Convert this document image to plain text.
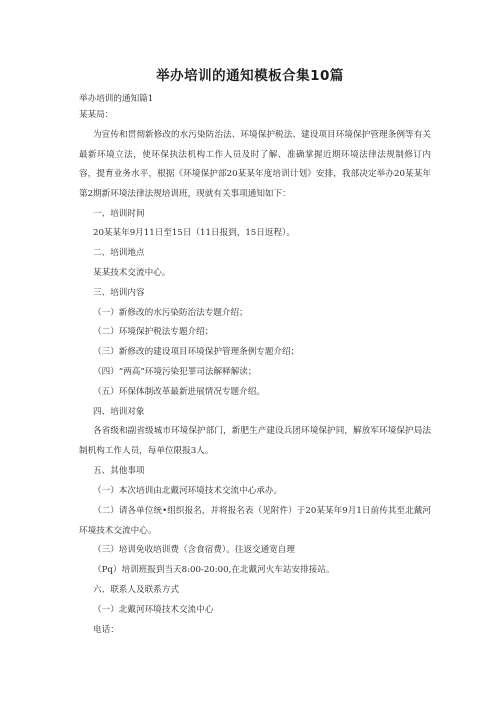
举办培训的通知模板合集10篇
举办培训的通知篇1

某某局：

为宣传和贯彻新修改的水污染防治法、环境保护税法、建设项目环境保护管理条例等有关最新环境立法，使环保执法机构工作人员及时了解、准确掌握近期环境法律法规制修订内容，提育业务水平，根据《环境保护部20某某年度培训计划》安排，我部决定举办20某某年第2期新环境法律法规培训班，现就有关事项通知如下：

一、培训时间

20某某年9月11日至15日（11日报到，15日返程）。

二、培训地点

某某技术交流中心。

三、培训内容

（一）新修改的水污染防治法专题介绍；

（二）环境保护税法专题介绍；

（三）新修改的建设项目环境保护管理条例专题介绍；

（四）“两高”环境污染犯罪司法解释解读；

（五）环保体制改革最新进展情况专题介绍。

四、培训对象

各省级和副省级城市环境保护部门，新肥生产建设兵团环境保护同，解放军环境保护局法制机构工作人员，每单位限报3人。

五、其他事项

（一）本次培训由北戴河环境技术交流中心承办。

（二）请各单位统•组织报名，并将报名表（见附件）于20某某年9月1日前传其至北戴河环境技术交流中心。

（三）培训免收培训费（含食宿费）。往返交通宽自理

（Pq）培训班报到当天8:00-20:00,在北戴河火车站安排接站。

六、联系人及联系方式

（一）北戴河环境技术交流中心

电话：
